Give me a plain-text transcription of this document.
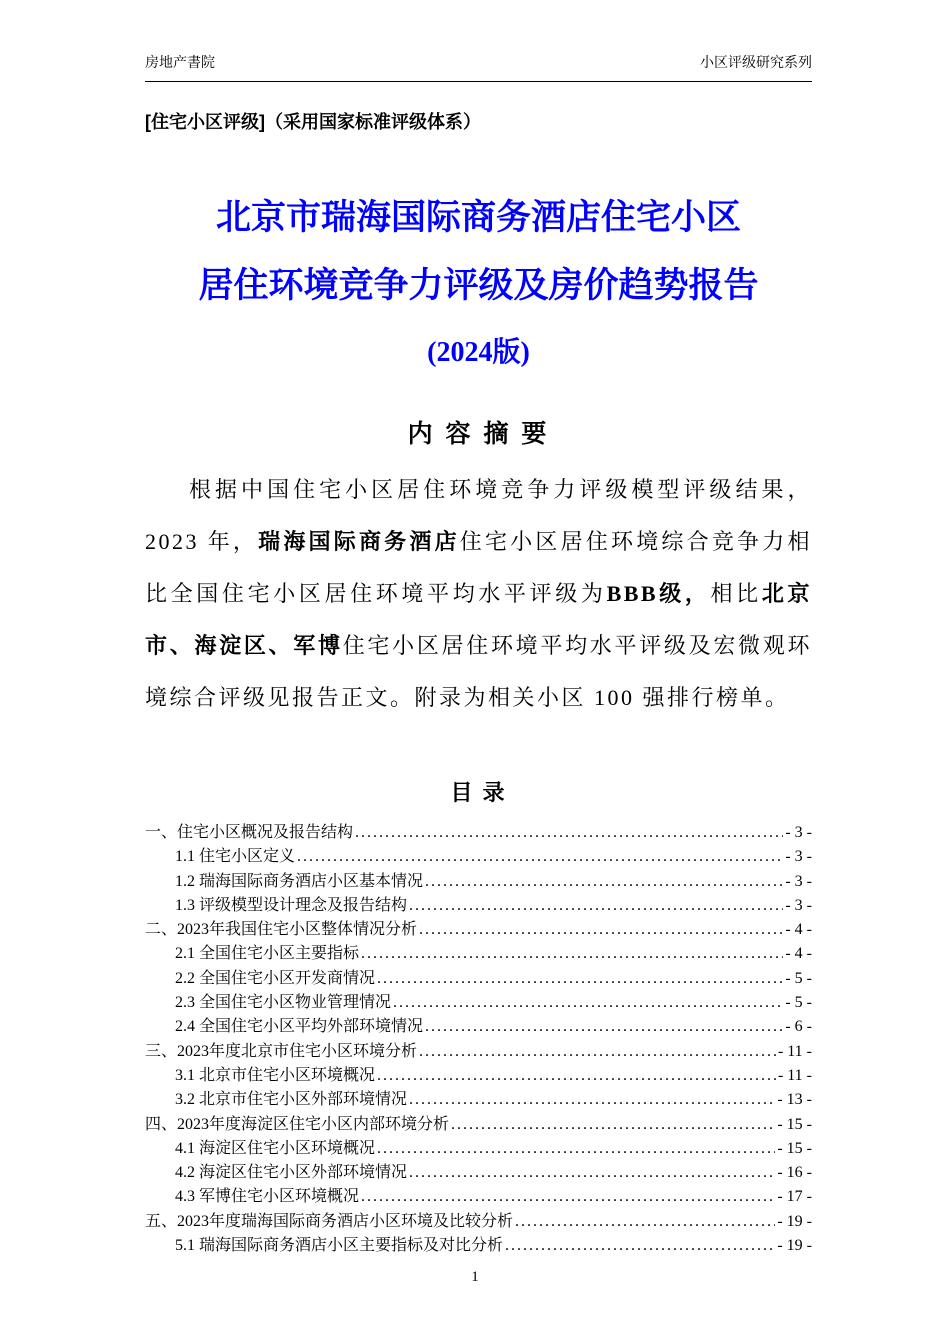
房地产書院	小区评级研究系列
[住宅小区评级]（采用国家标准评级体系）
北京市瑞海国际商务酒店住宅小区
居住环境竞争力评级及房价趋势报告
(2024版)
内 容 摘 要

根据中国住宅小区居住环境竞争力评级模型评级结果，2023 年，瑞海国际商务酒店住宅小区居住环境综合竞争力相比全国住宅小区居住环境平均水平评级为BBB级，相比北京市、海淀区、军博住宅小区居住环境平均水平评级及宏微观环境综合评级见报告正文。附录为相关小区 100 强排行榜单。

目 录
一、住宅小区概况及报告结构 .....	- 3 -
1.1 住宅小区定义 .....	- 3 -
1.2 瑞海国际商务酒店小区基本情况 .....	- 3 -
1.3 评级模型设计理念及报告结构 .....	- 3 -
二、2023年我国住宅小区整体情况分析 .....	- 4 -
2.1 全国住宅小区主要指标 .....	- 4 -
2.2 全国住宅小区开发商情况 .....	- 5 -
2.3 全国住宅小区物业管理情况 .....	- 5 -
2.4 全国住宅小区平均外部环境情况 .....	- 6 -
三、2023年度北京市住宅小区环境分析 .....	- 11 -
3.1 北京市住宅小区环境概况 .....	- 11 -
3.2 北京市住宅小区外部环境情况 .....	- 13 -
四、2023年度海淀区住宅小区内部环境分析 .....	- 15 -
4.1 海淀区住宅小区环境概况 .....	- 15 -
4.2 海淀区住宅小区外部环境情况 .....	- 16 -
4.3 军博住宅小区环境概况 .....	- 17 -
五、2023年度瑞海国际商务酒店小区环境及比较分析 .....	- 19 -
5.1 瑞海国际商务酒店小区主要指标及对比分析 .....	- 19 -
1
